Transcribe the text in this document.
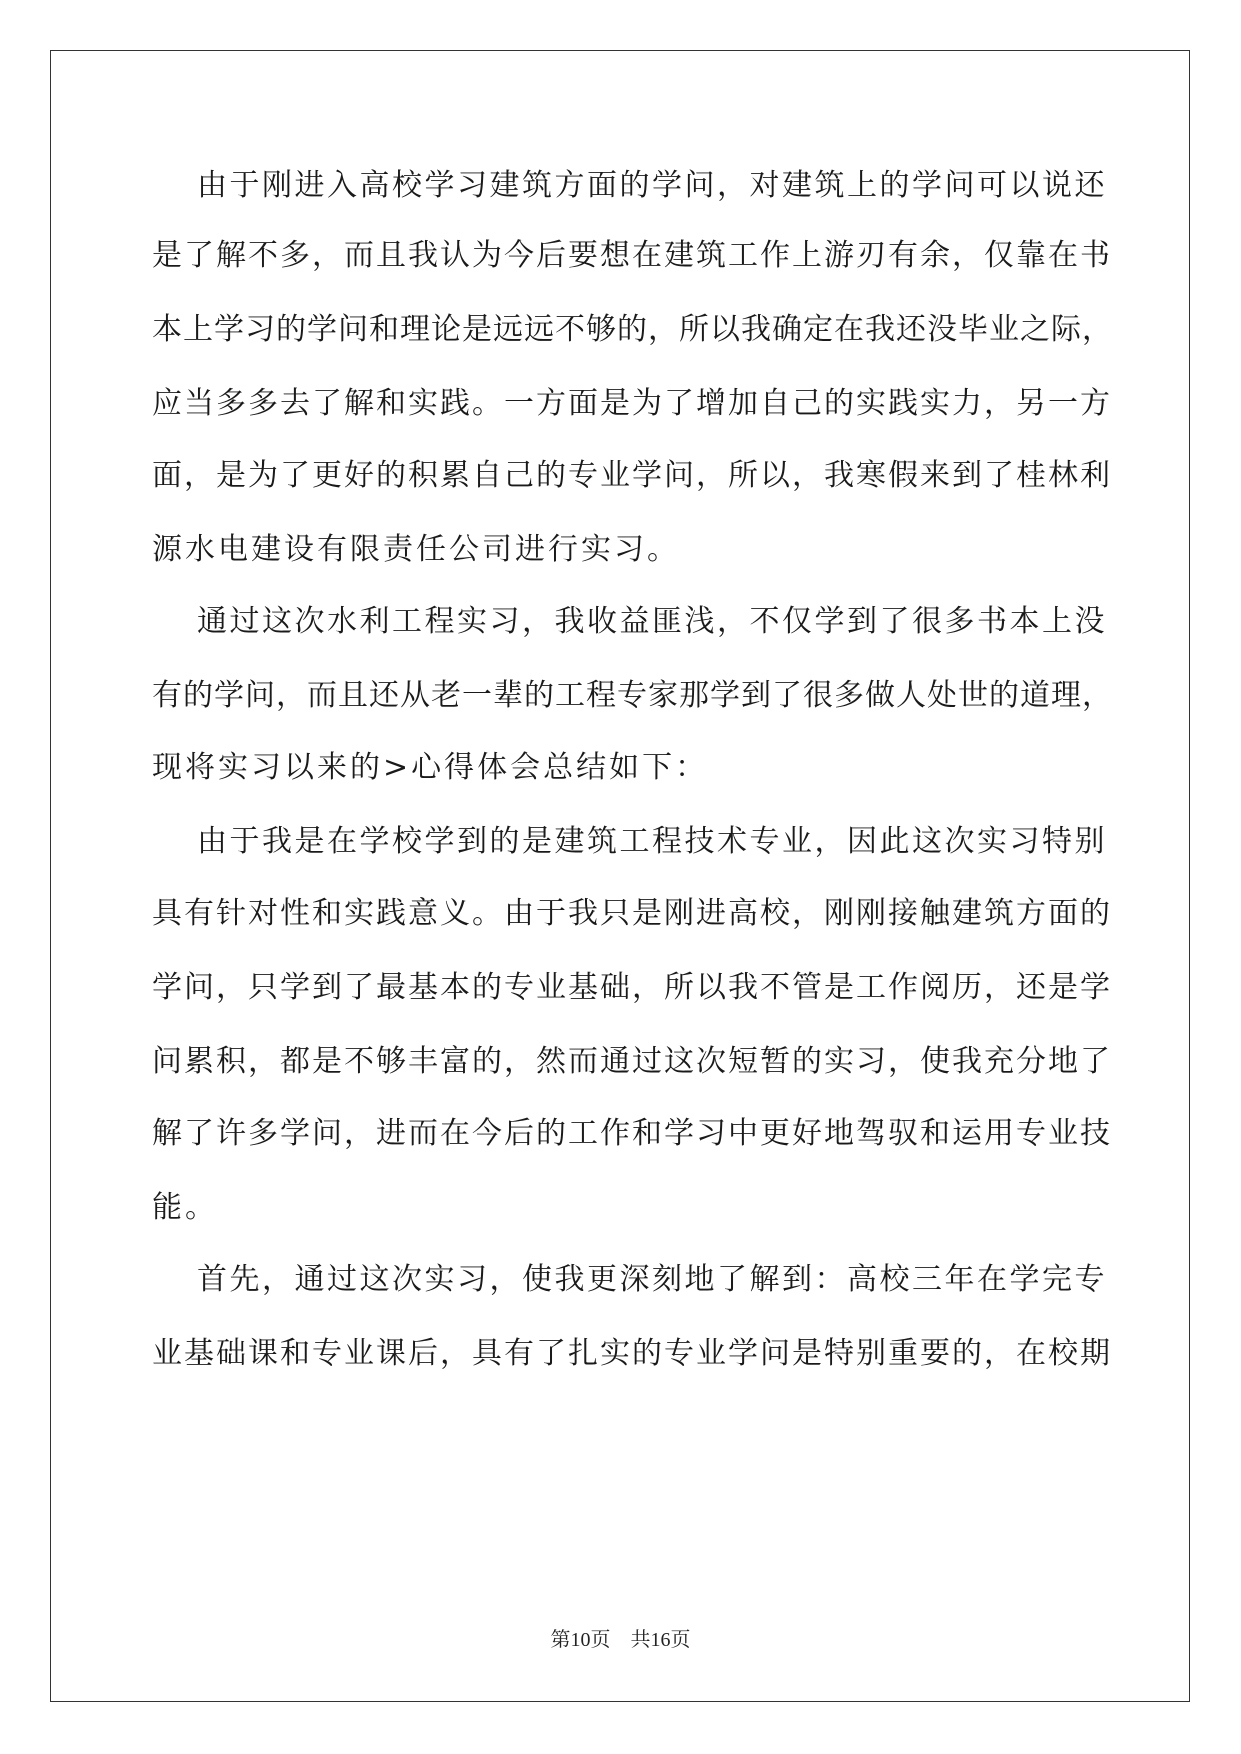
由于刚进入高校学习建筑方面的学问，对建筑上的学问可以说还
是了解不多，而且我认为今后要想在建筑工作上游刃有余，仅靠在书
本上学习的学问和理论是远远不够的，所以我确定在我还没毕业之际，
应当多多去了解和实践。一方面是为了增加自己的实践实力，另一方
面，是为了更好的积累自己的专业学问，所以，我寒假来到了桂林利
源水电建设有限责任公司进行实习。
通过这次水利工程实习，我收益匪浅，不仅学到了很多书本上没
有的学问，而且还从老一辈的工程专家那学到了很多做人处世的道理，
现将实习以来的>心得体会总结如下：
由于我是在学校学到的是建筑工程技术专业，因此这次实习特别
具有针对性和实践意义。由于我只是刚进高校，刚刚接触建筑方面的
学问，只学到了最基本的专业基础，所以我不管是工作阅历，还是学
问累积，都是不够丰富的，然而通过这次短暂的实习，使我充分地了
解了许多学问，进而在今后的工作和学习中更好地驾驭和运用专业技
能。
首先，通过这次实习，使我更深刻地了解到：高校三年在学完专
业基础课和专业课后，具有了扎实的专业学问是特别重要的，在校期
第10页　共16页
